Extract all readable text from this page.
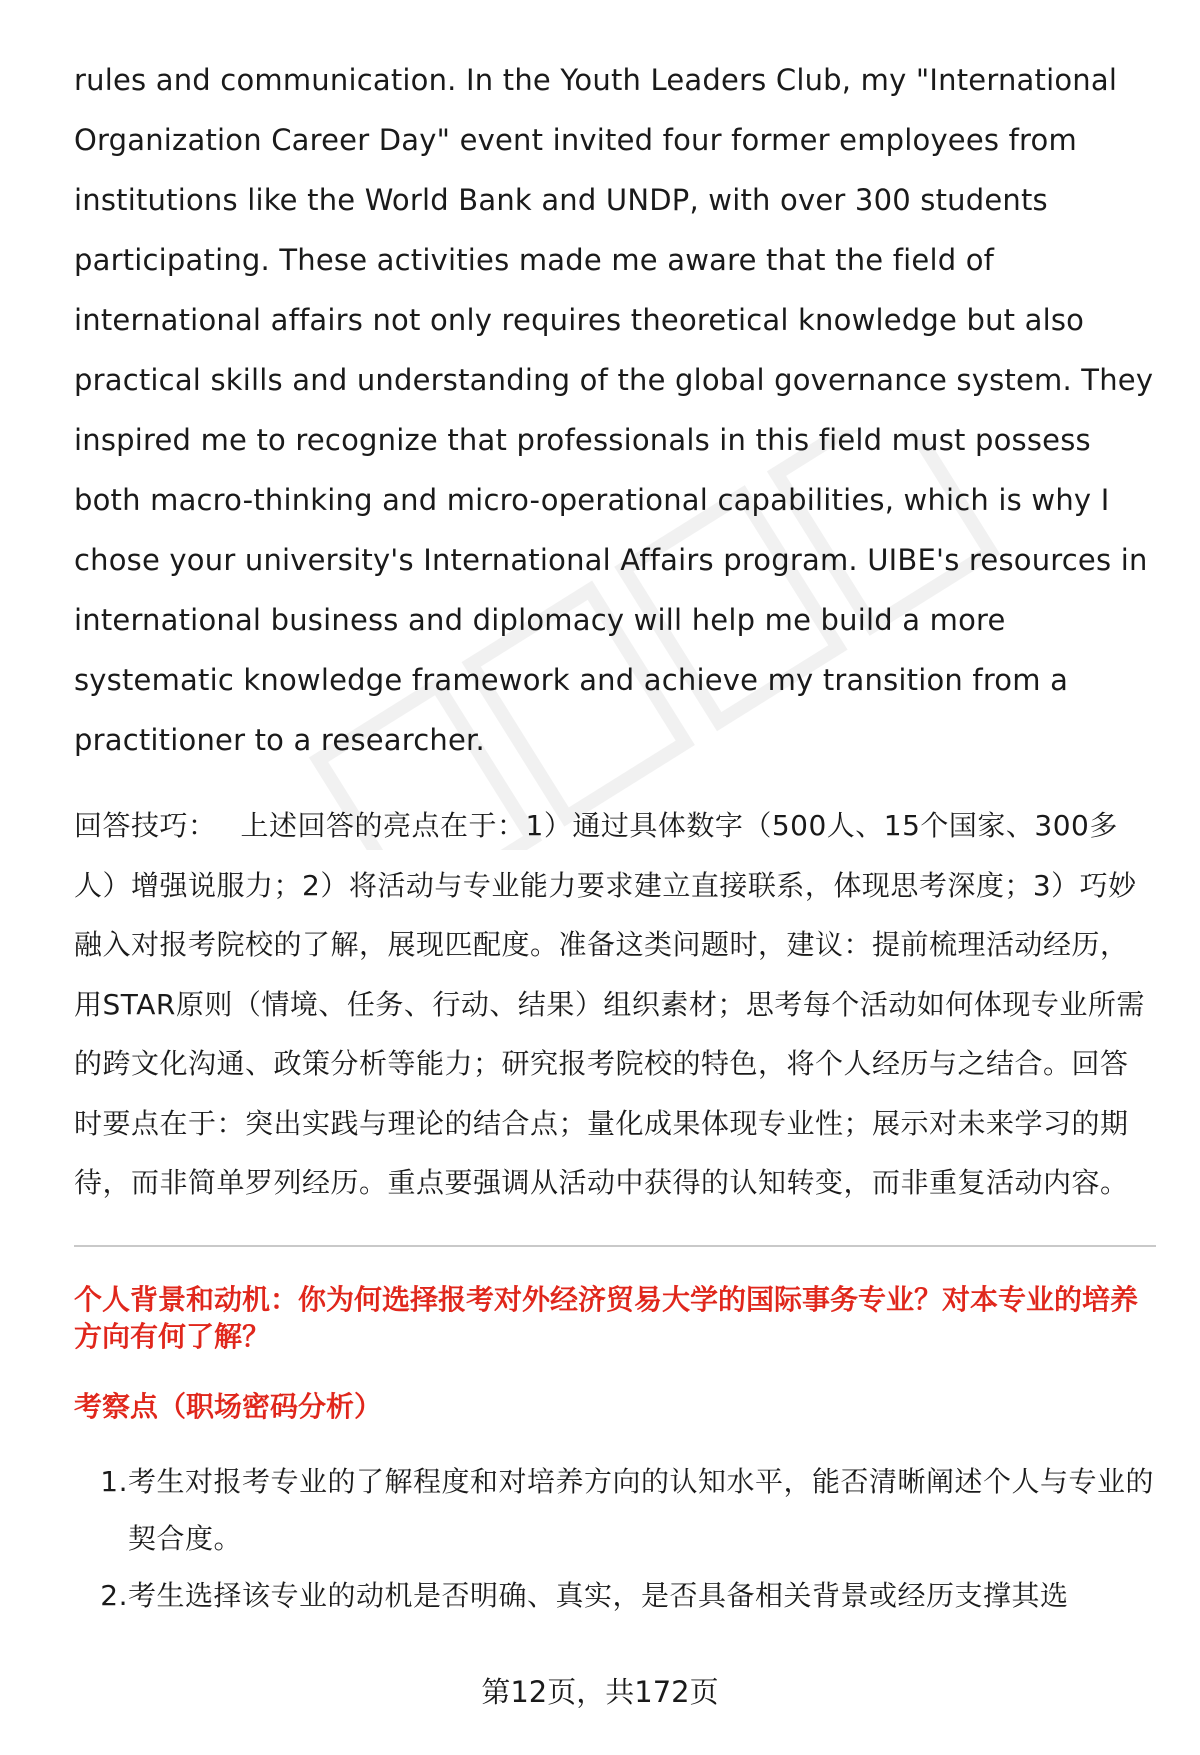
rules and communication. In the Youth Leaders Club, my "International Organization Career Day" event invited four former employees from institutions like the World Bank and UNDP, with over 300 students participating. These activities made me aware that the field of international affairs not only requires theoretical knowledge but also practical skills and understanding of the global governance system. They inspired me to recognize that professionals in this field must possess both macro-thinking and micro-operational capabilities, which is why I chose your university's International Affairs program. UIBE's resources in international business and diplomacy will help me build a more systematic knowledge framework and achieve my transition from a practitioner to a researcher.

回答技巧： 上述回答的亮点在于：1）通过具体数字（500人、15个国家、300多人）增强说服力；2）将活动与专业能力要求建立直接联系，体现思考深度；3）巧妙融入对报考院校的了解，展现匹配度。准备这类问题时，建议：提前梳理活动经历，用STAR原则（情境、任务、行动、结果）组织素材；思考每个活动如何体现专业所需的跨文化沟通、政策分析等能力；研究报考院校的特色，将个人经历与之结合。回答时要点在于：突出实践与理论的结合点；量化成果体现专业性；展示对未来学习的期待，而非简单罗列经历。重点要强调从活动中获得的认知转变，而非重复活动内容。

个人背景和动机：你为何选择报考对外经济贸易大学的国际事务专业？对本专业的培养方向有何了解？
考察点（职场密码分析）
1. 考生对报考专业的了解程度和对培养方向的认知水平，能否清晰阐述个人与专业的契合度。
2. 考生选择该专业的动机是否明确、真实，是否具备相关背景或经历支撑其选
第12页，共172页
